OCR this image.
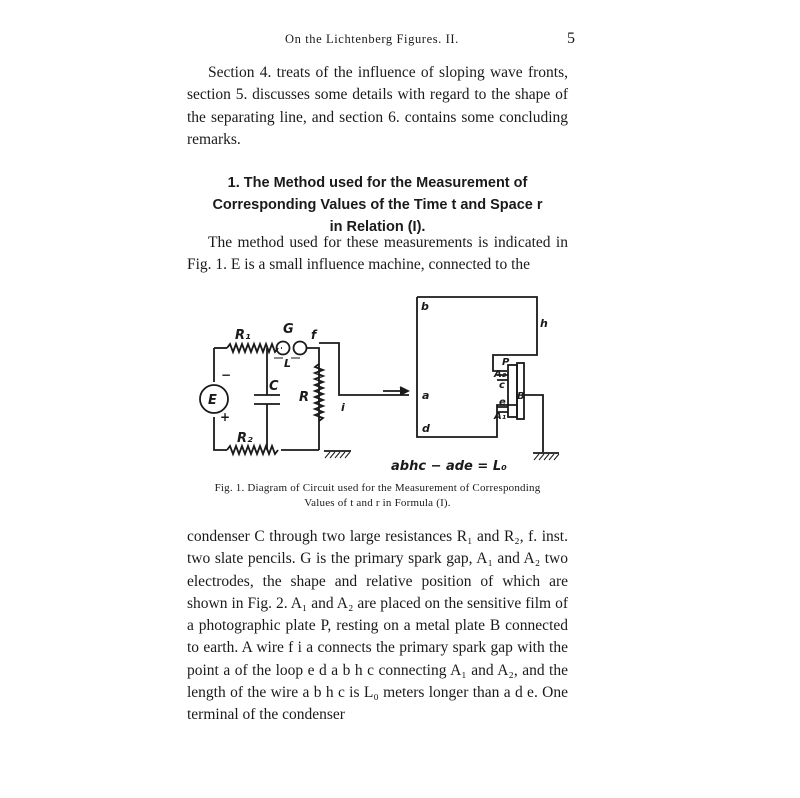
On the Lichtenberg Figures. II.	5

Section 4. treats of the influence of sloping wave fronts, section 5. discusses some details with regard to the shape of the separating line, and section 6. contains some concluding remarks.

1. The Method used for the Measurement of
Corresponding Values of the Time t and Space r
in Relation (I).

The method used for these measurements is indicated in Fig. 1. E is a small influence machine, connected to the

R₁ G
L
f
E
−
+
C
R
R₂
i
a
b
d
h
P
A₂
c
B
e
A₁
abhc − ade = L₀
Fig. 1. Diagram of Circuit used for the Measurement of Corresponding
Values of t and r in Formula (I).

condenser C through two large resistances R₁ and R₂, f. inst. two slate pencils. G is the primary spark gap, A₁ and A₂ two electrodes, the shape and relative position of which are shown in Fig. 2. A₁ and A₂ are placed on the sensitive film of a photographic plate P, resting on a metal plate B connected to earth. A wire f i a connects the primary spark gap with the point a of the loop e d a b h c connecting A₁ and A₂, and the length of the wire a b h c is L₀ meters longer than a d e. One terminal of the condenser
